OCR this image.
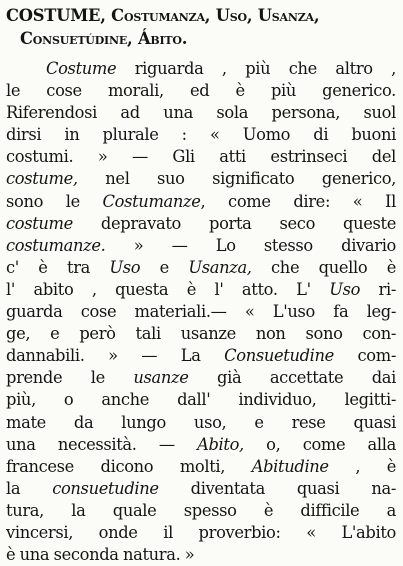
COSTUME, Costumanza, Uso, Usanza,
Consuetúdine, Ábito.

Costume riguarda , più che altro ,
le cose morali, ed è più generico.
Riferendosi ad una sola persona, suol
dirsi in plurale : « Uomo di buoni
costumi. » — Gli atti estrinseci del
costume, nel suo significato generico,
sono le Costumanze, come dire: « Il
costume depravato porta seco queste
costumanze. » — Lo stesso divario
c' è tra Uso e Usanza, che quello è
l' abito , questa è l' atto. L' Uso ri-
guarda cose materiali.— « L'uso fa leg-
ge, e però tali usanze non sono con-
dannabili. » — La Consuetudine com-
prende le usanze già accettate dai
più, o anche dall' individuo, legitti-
mate da lungo uso, e rese quasi
una necessità. — Abito, o, come alla
francese dicono molti, Abitudine , è
la consuetudine diventata quasi na-
tura, la quale spesso è difficile a
vincersi, onde il proverbio: « L'abito
è una seconda natura. »
